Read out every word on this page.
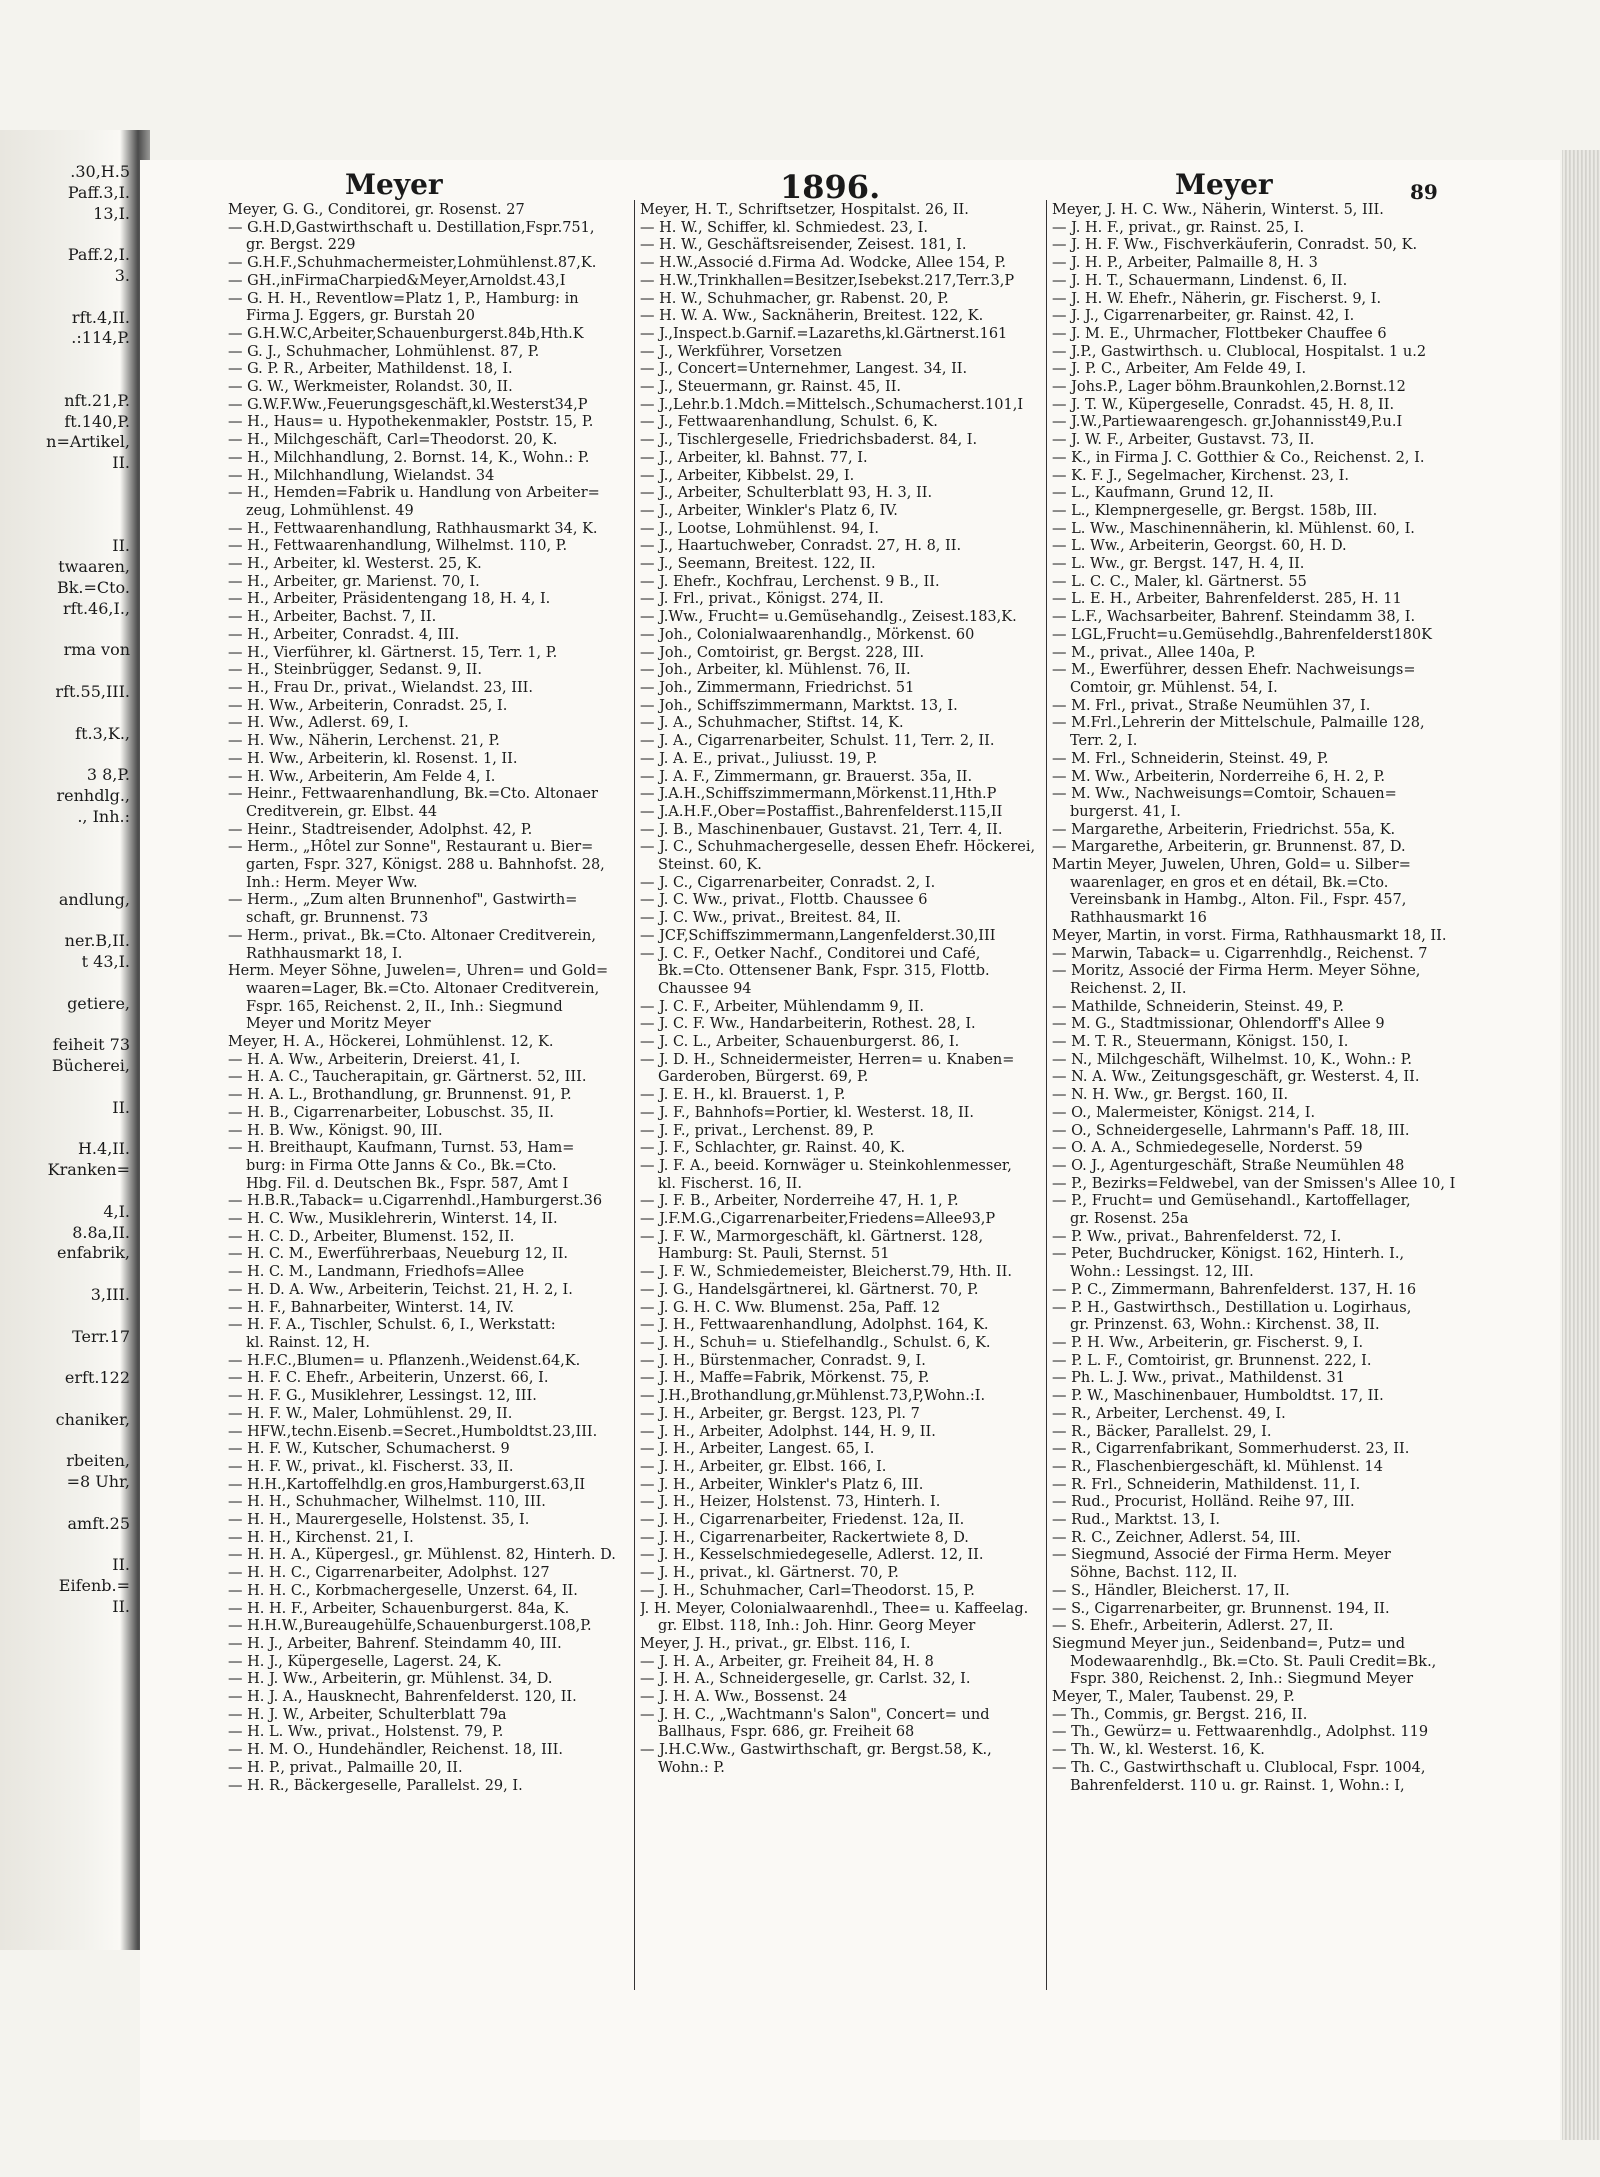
.30,H.5
Paff.3,I.
13,I.

Paff.2,I.
3.

rft.4,II.
.:114,P.

nft.21,P.
ft.140,P.
n=Artikel,
II.

II.
twaaren,
Bk.=Cto.
rft.46,I.,

rma von

rft.55,III.

ft.3,K.,

3 8,P.
renhdlg.,
., Inh.:

andlung,

ner.B,II.
t 43,I.

getiere,

feiheit 73
Bücherei,

II.

H.4,II.
Kranken=

4,I.
8.8a,II.
enfabrik,

3,III.

Terr.17

erft.122

chaniker,

rbeiten,
=8 Uhr,

amft.25

II.
Eifenb.=
II.
Meyer	1896.	Meyer	89
Meyer, G. G., Conditorei, gr. Rosenst. 27
— G.H.D,Gastwirthschaft u. Destillation,Fspr.751,
gr. Bergst. 229
— G.H.F.,Schuhmachermeister,Lohmühlenst.87,K.
— GH.,inFirmaCharpied&Meyer,Arnoldst.43,I
— G. H. H., Reventlow=Platz 1, P., Hamburg: in
Firma J. Eggers, gr. Burstah 20
— G.H.W.C,Arbeiter,Schauenburgerst.84b,Hth.K
— G. J., Schuhmacher, Lohmühlenst. 87, P.
— G. P. R., Arbeiter, Mathildenst. 18, I.
— G. W., Werkmeister, Rolandst. 30, II.
— G.W.F.Ww.,Feuerungsgeschäft,kl.Westerst34,P
— H., Haus= u. Hypothekenmakler, Poststr. 15, P.
— H., Milchgeschäft, Carl=Theodorst. 20, K.
— H., Milchhandlung, 2. Bornst. 14, K., Wohn.: P.
— H., Milchhandlung, Wielandst. 34
— H., Hemden=Fabrik u. Handlung von Arbeiter=
zeug, Lohmühlenst. 49
— H., Fettwaarenhandlung, Rathhausmarkt 34, K.
— H., Fettwaarenhandlung, Wilhelmst. 110, P.
— H., Arbeiter, kl. Westerst. 25, K.
— H., Arbeiter, gr. Marienst. 70, I.
— H., Arbeiter, Präsidentengang 18, H. 4, I.
— H., Arbeiter, Bachst. 7, II.
— H., Arbeiter, Conradst. 4, III.
— H., Vierführer, kl. Gärtnerst. 15, Terr. 1, P.
— H., Steinbrügger, Sedanst. 9, II.
— H., Frau Dr., privat., Wielandst. 23, III.
— H. Ww., Arbeiterin, Conradst. 25, I.
— H. Ww., Adlerst. 69, I.
— H. Ww., Näherin, Lerchenst. 21, P.
— H. Ww., Arbeiterin, kl. Rosenst. 1, II.
— H. Ww., Arbeiterin, Am Felde 4, I.
— Heinr., Fettwaarenhandlung, Bk.=Cto. Altonaer
Creditverein, gr. Elbst. 44
— Heinr., Stadtreisender, Adolphst. 42, P.
— Herm., „Hôtel zur Sonne", Restaurant u. Bier=
garten, Fspr. 327, Königst. 288 u. Bahnhofst. 28,
Inh.: Herm. Meyer Ww.
— Herm., „Zum alten Brunnenhof", Gastwirth=
schaft, gr. Brunnenst. 73
— Herm., privat., Bk.=Cto. Altonaer Creditverein,
Rathhausmarkt 18, I.
Herm. Meyer Söhne, Juwelen=, Uhren= und Gold=
waaren=Lager, Bk.=Cto. Altonaer Creditverein,
Fspr. 165, Reichenst. 2, II., Inh.: Siegmund
Meyer und Moritz Meyer
Meyer, H. A., Höckerei, Lohmühlenst. 12, K.
— H. A. Ww., Arbeiterin, Dreierst. 41, I.
— H. A. C., Taucherapitain, gr. Gärtnerst. 52, III.
— H. A. L., Brothandlung, gr. Brunnenst. 91, P.
— H. B., Cigarrenarbeiter, Lobuschst. 35, II.
— H. B. Ww., Königst. 90, III.
— H. Breithaupt, Kaufmann, Turnst. 53, Ham=
burg: in Firma Otte Janns & Co., Bk.=Cto.
Hbg. Fil. d. Deutschen Bk., Fspr. 587, Amt I
— H.B.R.,Taback= u.Cigarrenhdl.,Hamburgerst.36
— H. C. Ww., Musiklehrerin, Winterst. 14, II.
— H. C. D., Arbeiter, Blumenst. 152, II.
— H. C. M., Ewerführerbaas, Neueburg 12, II.
— H. C. M., Landmann, Friedhofs=Allee
— H. D. A. Ww., Arbeiterin, Teichst. 21, H. 2, I.
— H. F., Bahnarbeiter, Winterst. 14, IV.
— H. F. A., Tischler, Schulst. 6, I., Werkstatt:
kl. Rainst. 12, H.
— H.F.C.,Blumen= u. Pflanzenh.,Weidenst.64,K.
— H. F. C. Ehefr., Arbeiterin, Unzerst. 66, I.
— H. F. G., Musiklehrer, Lessingst. 12, III.
— H. F. W., Maler, Lohmühlenst. 29, II.
— HFW.,techn.Eisenb.=Secret.,Humboldtst.23,III.
— H. F. W., Kutscher, Schumacherst. 9
— H. F. W., privat., kl. Fischerst. 33, II.
— H.H.,Kartoffelhdlg.en gros,Hamburgerst.63,II
— H. H., Schuhmacher, Wilhelmst. 110, III.
— H. H., Maurergeselle, Holstenst. 35, I.
— H. H., Kirchenst. 21, I.
— H. H. A., Küpergesl., gr. Mühlenst. 82, Hinterh. D.
— H. H. C., Cigarrenarbeiter, Adolphst. 127
— H. H. C., Korbmachergeselle, Unzerst. 64, II.
— H. H. F., Arbeiter, Schauenburgerst. 84a, K.
— H.H.W.,Bureaugehülfe,Schauenburgerst.108,P.
— H. J., Arbeiter, Bahrenf. Steindamm 40, III.
— H. J., Küpergeselle, Lagerst. 24, K.
— H. J. Ww., Arbeiterin, gr. Mühlenst. 34, D.
— H. J. A., Hausknecht, Bahrenfelderst. 120, II.
— H. J. W., Arbeiter, Schulterblatt 79a
— H. L. Ww., privat., Holstenst. 79, P.
— H. M. O., Hundehändler, Reichenst. 18, III.
— H. P., privat., Palmaille 20, II.
— H. R., Bäckergeselle, Parallelst. 29, I.
Meyer, H. T., Schriftsetzer, Hospitalst. 26, II.
— H. W., Schiffer, kl. Schmiedest. 23, I.
— H. W., Geschäftsreisender, Zeisest. 181, I.
— H.W.,Associé d.Firma Ad. Wodcke, Allee 154, P.
— H.W.,Trinkhallen=Besitzer,Isebekst.217,Terr.3,P
— H. W., Schuhmacher, gr. Rabenst. 20, P.
— H. W. A. Ww., Sacknäherin, Breitest. 122, K.
— J.,Inspect.b.Garnif.=Lazareths,kl.Gärtnerst.161
— J., Werkführer, Vorsetzen
— J., Concert=Unternehmer, Langest. 34, II.
— J., Steuermann, gr. Rainst. 45, II.
— J.,Lehr.b.1.Mdch.=Mittelsch.,Schumacherst.101,I
— J., Fettwaarenhandlung, Schulst. 6, K.
— J., Tischlergeselle, Friedrichsbaderst. 84, I.
— J., Arbeiter, kl. Bahnst. 77, I.
— J., Arbeiter, Kibbelst. 29, I.
— J., Arbeiter, Schulterblatt 93, H. 3, II.
— J., Arbeiter, Winkler's Platz 6, IV.
— J., Lootse, Lohmühlenst. 94, I.
— J., Haartuchweber, Conradst. 27, H. 8, II.
— J., Seemann, Breitest. 122, II.
— J. Ehefr., Kochfrau, Lerchenst. 9 B., II.
— J. Frl., privat., Königst. 274, II.
— J.Ww., Frucht= u.Gemüsehandlg., Zeisest.183,K.
— Joh., Colonialwaarenhandlg., Mörkenst. 60
— Joh., Comtoirist, gr. Bergst. 228, III.
— Joh., Arbeiter, kl. Mühlenst. 76, II.
— Joh., Zimmermann, Friedrichst. 51
— Joh., Schiffszimmermann, Marktst. 13, I.
— J. A., Schuhmacher, Stiftst. 14, K.
— J. A., Cigarrenarbeiter, Schulst. 11, Terr. 2, II.
— J. A. E., privat., Juliusst. 19, P.
— J. A. F., Zimmermann, gr. Brauerst. 35a, II.
— J.A.H.,Schiffszimmermann,Mörkenst.11,Hth.P
— J.A.H.F.,Ober=Postaffist.,Bahrenfelderst.115,II
— J. B., Maschinenbauer, Gustavst. 21, Terr. 4, II.
— J. C., Schuhmachergeselle, dessen Ehefr. Höckerei,
Steinst. 60, K.
— J. C., Cigarrenarbeiter, Conradst. 2, I.
— J. C. Ww., privat., Flottb. Chaussee 6
— J. C. Ww., privat., Breitest. 84, II.
— JCF,Schiffszimmermann,Langenfelderst.30,III
— J. C. F., Oetker Nachf., Conditorei und Café,
Bk.=Cto. Ottensener Bank, Fspr. 315, Flottb.
Chaussee 94
— J. C. F., Arbeiter, Mühlendamm 9, II.
— J. C. F. Ww., Handarbeiterin, Rothest. 28, I.
— J. C. L., Arbeiter, Schauenburgerst. 86, I.
— J. D. H., Schneidermeister, Herren= u. Knaben=
Garderoben, Bürgerst. 69, P.
— J. E. H., kl. Brauerst. 1, P.
— J. F., Bahnhofs=Portier, kl. Westerst. 18, II.
— J. F., privat., Lerchenst. 89, P.
— J. F., Schlachter, gr. Rainst. 40, K.
— J. F. A., beeid. Kornwäger u. Steinkohlenmesser,
kl. Fischerst. 16, II.
— J. F. B., Arbeiter, Norderreihe 47, H. 1, P.
— J.F.M.G.,Cigarrenarbeiter,Friedens=Allee93,P
— J. F. W., Marmorgeschäft, kl. Gärtnerst. 128,
Hamburg: St. Pauli, Sternst. 51
— J. F. W., Schmiedemeister, Bleicherst.79, Hth. II.
— J. G., Handelsgärtnerei, kl. Gärtnerst. 70, P.
— J. G. H. C. Ww. Blumenst. 25a, Paff. 12
— J. H., Fettwaarenhandlung, Adolphst. 164, K.
— J. H., Schuh= u. Stiefelhandlg., Schulst. 6, K.
— J. H., Bürstenmacher, Conradst. 9, I.
— J. H., Maffe=Fabrik, Mörkenst. 75, P.
— J.H.,Brothandlung,gr.Mühlenst.73,P,Wohn.:I.
— J. H., Arbeiter, gr. Bergst. 123, Pl. 7
— J. H., Arbeiter, Adolphst. 144, H. 9, II.
— J. H., Arbeiter, Langest. 65, I.
— J. H., Arbeiter, gr. Elbst. 166, I.
— J. H., Arbeiter, Winkler's Platz 6, III.
— J. H., Heizer, Holstenst. 73, Hinterh. I.
— J. H., Cigarrenarbeiter, Friedenst. 12a, II.
— J. H., Cigarrenarbeiter, Rackertwiete 8, D.
— J. H., Kesselschmiedegeselle, Adlerst. 12, II.
— J. H., privat., kl. Gärtnerst. 70, P.
— J. H., Schuhmacher, Carl=Theodorst. 15, P.
J. H. Meyer, Colonialwaarenhdl., Thee= u. Kaffeelag.
gr. Elbst. 118, Inh.: Joh. Hinr. Georg Meyer
Meyer, J. H., privat., gr. Elbst. 116, I.
— J. H. A., Arbeiter, gr. Freiheit 84, H. 8
— J. H. A., Schneidergeselle, gr. Carlst. 32, I.
— J. H. A. Ww., Bossenst. 24
— J. H. C., „Wachtmann's Salon", Concert= und
Ballhaus, Fspr. 686, gr. Freiheit 68
— J.H.C.Ww., Gastwirthschaft, gr. Bergst.58, K.,
Wohn.: P.
Meyer, J. H. C. Ww., Näherin, Winterst. 5, III.
— J. H. F., privat., gr. Rainst. 25, I.
— J. H. F. Ww., Fischverkäuferin, Conradst. 50, K.
— J. H. P., Arbeiter, Palmaille 8, H. 3
— J. H. T., Schauermann, Lindenst. 6, II.
— J. H. W. Ehefr., Näherin, gr. Fischerst. 9, I.
— J. J., Cigarrenarbeiter, gr. Rainst. 42, I.
— J. M. E., Uhrmacher, Flottbeker Chauffee 6
— J.P., Gastwirthsch. u. Clublocal, Hospitalst. 1 u.2
— J. P. C., Arbeiter, Am Felde 49, I.
— Johs.P., Lager böhm.Braunkohlen,2.Bornst.12
— J. T. W., Küpergeselle, Conradst. 45, H. 8, II.
— J.W.,Partiewaarengesch. gr.Johannisst49,P.u.I
— J. W. F., Arbeiter, Gustavst. 73, II.
— K., in Firma J. C. Gotthier & Co., Reichenst. 2, I.
— K. F. J., Segelmacher, Kirchenst. 23, I.
— L., Kaufmann, Grund 12, II.
— L., Klempnergeselle, gr. Bergst. 158b, III.
— L. Ww., Maschinennäherin, kl. Mühlenst. 60, I.
— L. Ww., Arbeiterin, Georgst. 60, H. D.
— L. Ww., gr. Bergst. 147, H. 4, II.
— L. C. C., Maler, kl. Gärtnerst. 55
— L. E. H., Arbeiter, Bahrenfelderst. 285, H. 11
— L.F., Wachsarbeiter, Bahrenf. Steindamm 38, I.
— LGL,Frucht=u.Gemüsehdlg.,Bahrenfelderst180K
— M., privat., Allee 140a, P.
— M., Ewerführer, dessen Ehefr. Nachweisungs=
Comtoir, gr. Mühlenst. 54, I.
— M. Frl., privat., Straße Neumühlen 37, I.
— M.Frl.,Lehrerin der Mittelschule, Palmaille 128,
Terr. 2, I.
— M. Frl., Schneiderin, Steinst. 49, P.
— M. Ww., Arbeiterin, Norderreihe 6, H. 2, P.
— M. Ww., Nachweisungs=Comtoir, Schauen=
burgerst. 41, I.
— Margarethe, Arbeiterin, Friedrichst. 55a, K.
— Margarethe, Arbeiterin, gr. Brunnenst. 87, D.
Martin Meyer, Juwelen, Uhren, Gold= u. Silber=
waarenlager, en gros et en détail, Bk.=Cto.
Vereinsbank in Hambg., Alton. Fil., Fspr. 457,
Rathhausmarkt 16
Meyer, Martin, in vorst. Firma, Rathhausmarkt 18, II.
— Marwin, Taback= u. Cigarrenhdlg., Reichenst. 7
— Moritz, Associé der Firma Herm. Meyer Söhne,
Reichenst. 2, II.
— Mathilde, Schneiderin, Steinst. 49, P.
— M. G., Stadtmissionar, Ohlendorff's Allee 9
— M. T. R., Steuermann, Königst. 150, I.
— N., Milchgeschäft, Wilhelmst. 10, K., Wohn.: P.
— N. A. Ww., Zeitungsgeschäft, gr. Westerst. 4, II.
— N. H. Ww., gr. Bergst. 160, II.
— O., Malermeister, Königst. 214, I.
— O., Schneidergeselle, Lahrmann's Paff. 18, III.
— O. A. A., Schmiedegeselle, Norderst. 59
— O. J., Agenturgeschäft, Straße Neumühlen 48
— P., Bezirks=Feldwebel, van der Smissen's Allee 10, I
— P., Frucht= und Gemüsehandl., Kartoffellager,
gr. Rosenst. 25a
— P. Ww., privat., Bahrenfelderst. 72, I.
— Peter, Buchdrucker, Königst. 162, Hinterh. I.,
Wohn.: Lessingst. 12, III.
— P. C., Zimmermann, Bahrenfelderst. 137, H. 16
— P. H., Gastwirthsch., Destillation u. Logirhaus,
gr. Prinzenst. 63, Wohn.: Kirchenst. 38, II.
— P. H. Ww., Arbeiterin, gr. Fischerst. 9, I.
— P. L. F., Comtoirist, gr. Brunnenst. 222, I.
— Ph. L. J. Ww., privat., Mathildenst. 31
— P. W., Maschinenbauer, Humboldtst. 17, II.
— R., Arbeiter, Lerchenst. 49, I.
— R., Bäcker, Parallelst. 29, I.
— R., Cigarrenfabrikant, Sommerhuderst. 23, II.
— R., Flaschenbiergeschäft, kl. Mühlenst. 14
— R. Frl., Schneiderin, Mathildenst. 11, I.
— Rud., Procurist, Holländ. Reihe 97, III.
— Rud., Marktst. 13, I.
— R. C., Zeichner, Adlerst. 54, III.
— Siegmund, Associé der Firma Herm. Meyer
Söhne, Bachst. 112, II.
— S., Händler, Bleicherst. 17, II.
— S., Cigarrenarbeiter, gr. Brunnenst. 194, II.
— S. Ehefr., Arbeiterin, Adlerst. 27, II.
Siegmund Meyer jun., Seidenband=, Putz= und
Modewaarenhdlg., Bk.=Cto. St. Pauli Credit=Bk.,
Fspr. 380, Reichenst. 2, Inh.: Siegmund Meyer
Meyer, T., Maler, Taubenst. 29, P.
— Th., Commis, gr. Bergst. 216, II.
— Th., Gewürz= u. Fettwaarenhdlg., Adolphst. 119
— Th. W., kl. Westerst. 16, K.
— Th. C., Gastwirthschaft u. Clublocal, Fspr. 1004,
Bahrenfelderst. 110 u. gr. Rainst. 1, Wohn.: I,
